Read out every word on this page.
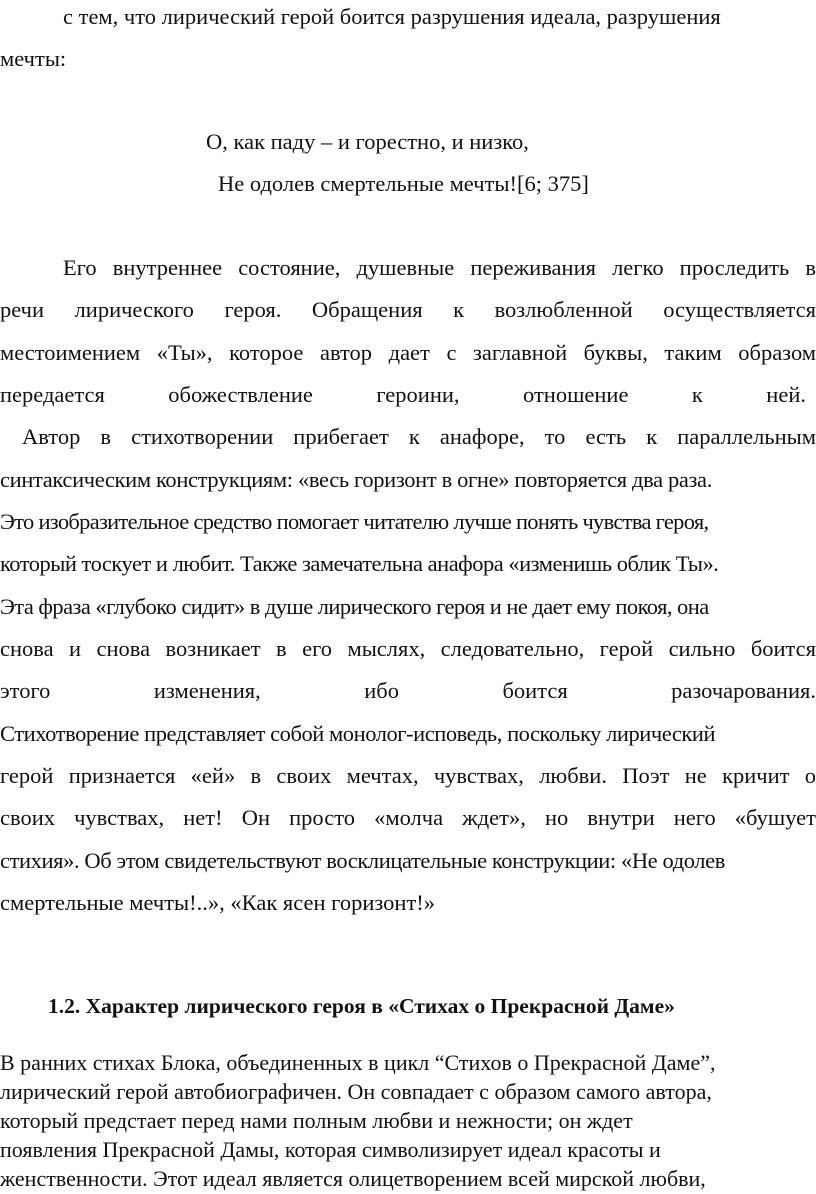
с тем, что лирический герой боится разрушения идеала, разрушения
мечты:
О, как паду – и горестно, и низко,
Не одолев смертельные мечты![6; 375]
Его внутреннее состояние, душевные переживания легко проследить в
речи лирического героя. Обращения к возлюбленной осуществляется
местоимением «Ты», которое автор дает с заглавной буквы, таким образом
передается обожествление героини, отношение к ней.
Автор в стихотворении прибегает к анафоре, то есть к параллельным
синтаксическим конструкциям: «весь горизонт в огне» повторяется два раза.
Это изобразительное средство помогает читателю лучше понять чувства героя,
который тоскует и любит. Также замечательна анафора «изменишь облик Ты».
Эта фраза «глубоко сидит» в душе лирического героя и не дает ему покоя, она
снова и снова возникает в его мыслях, следовательно, герой сильно боится
этого изменения, ибо боится разочарования.
Стихотворение представляет собой монолог-исповедь, поскольку лирический
герой признается «ей» в своих мечтах, чувствах, любви. Поэт не кричит о
своих чувствах, нет! Он просто «молча ждет», но внутри него «бушует
стихия». Об этом свидетельствуют восклицательные конструкции: «Не одолев
смертельные мечты!..», «Как ясен горизонт!»
1.2. Характер лирического героя в «Стихах о Прекрасной Даме»
В ранних стихах Блока, объединенных в цикл “Стихов о Прекрасной Даме”,
лирический герой автобиографичен. Он совпадает с образом самого автора,
который предстает перед нами полным любви и нежности; он ждет
появления Прекрасной Дамы, которая символизирует идеал красоты и
женственности. Этот идеал является олицетворением всей мирской любви,
